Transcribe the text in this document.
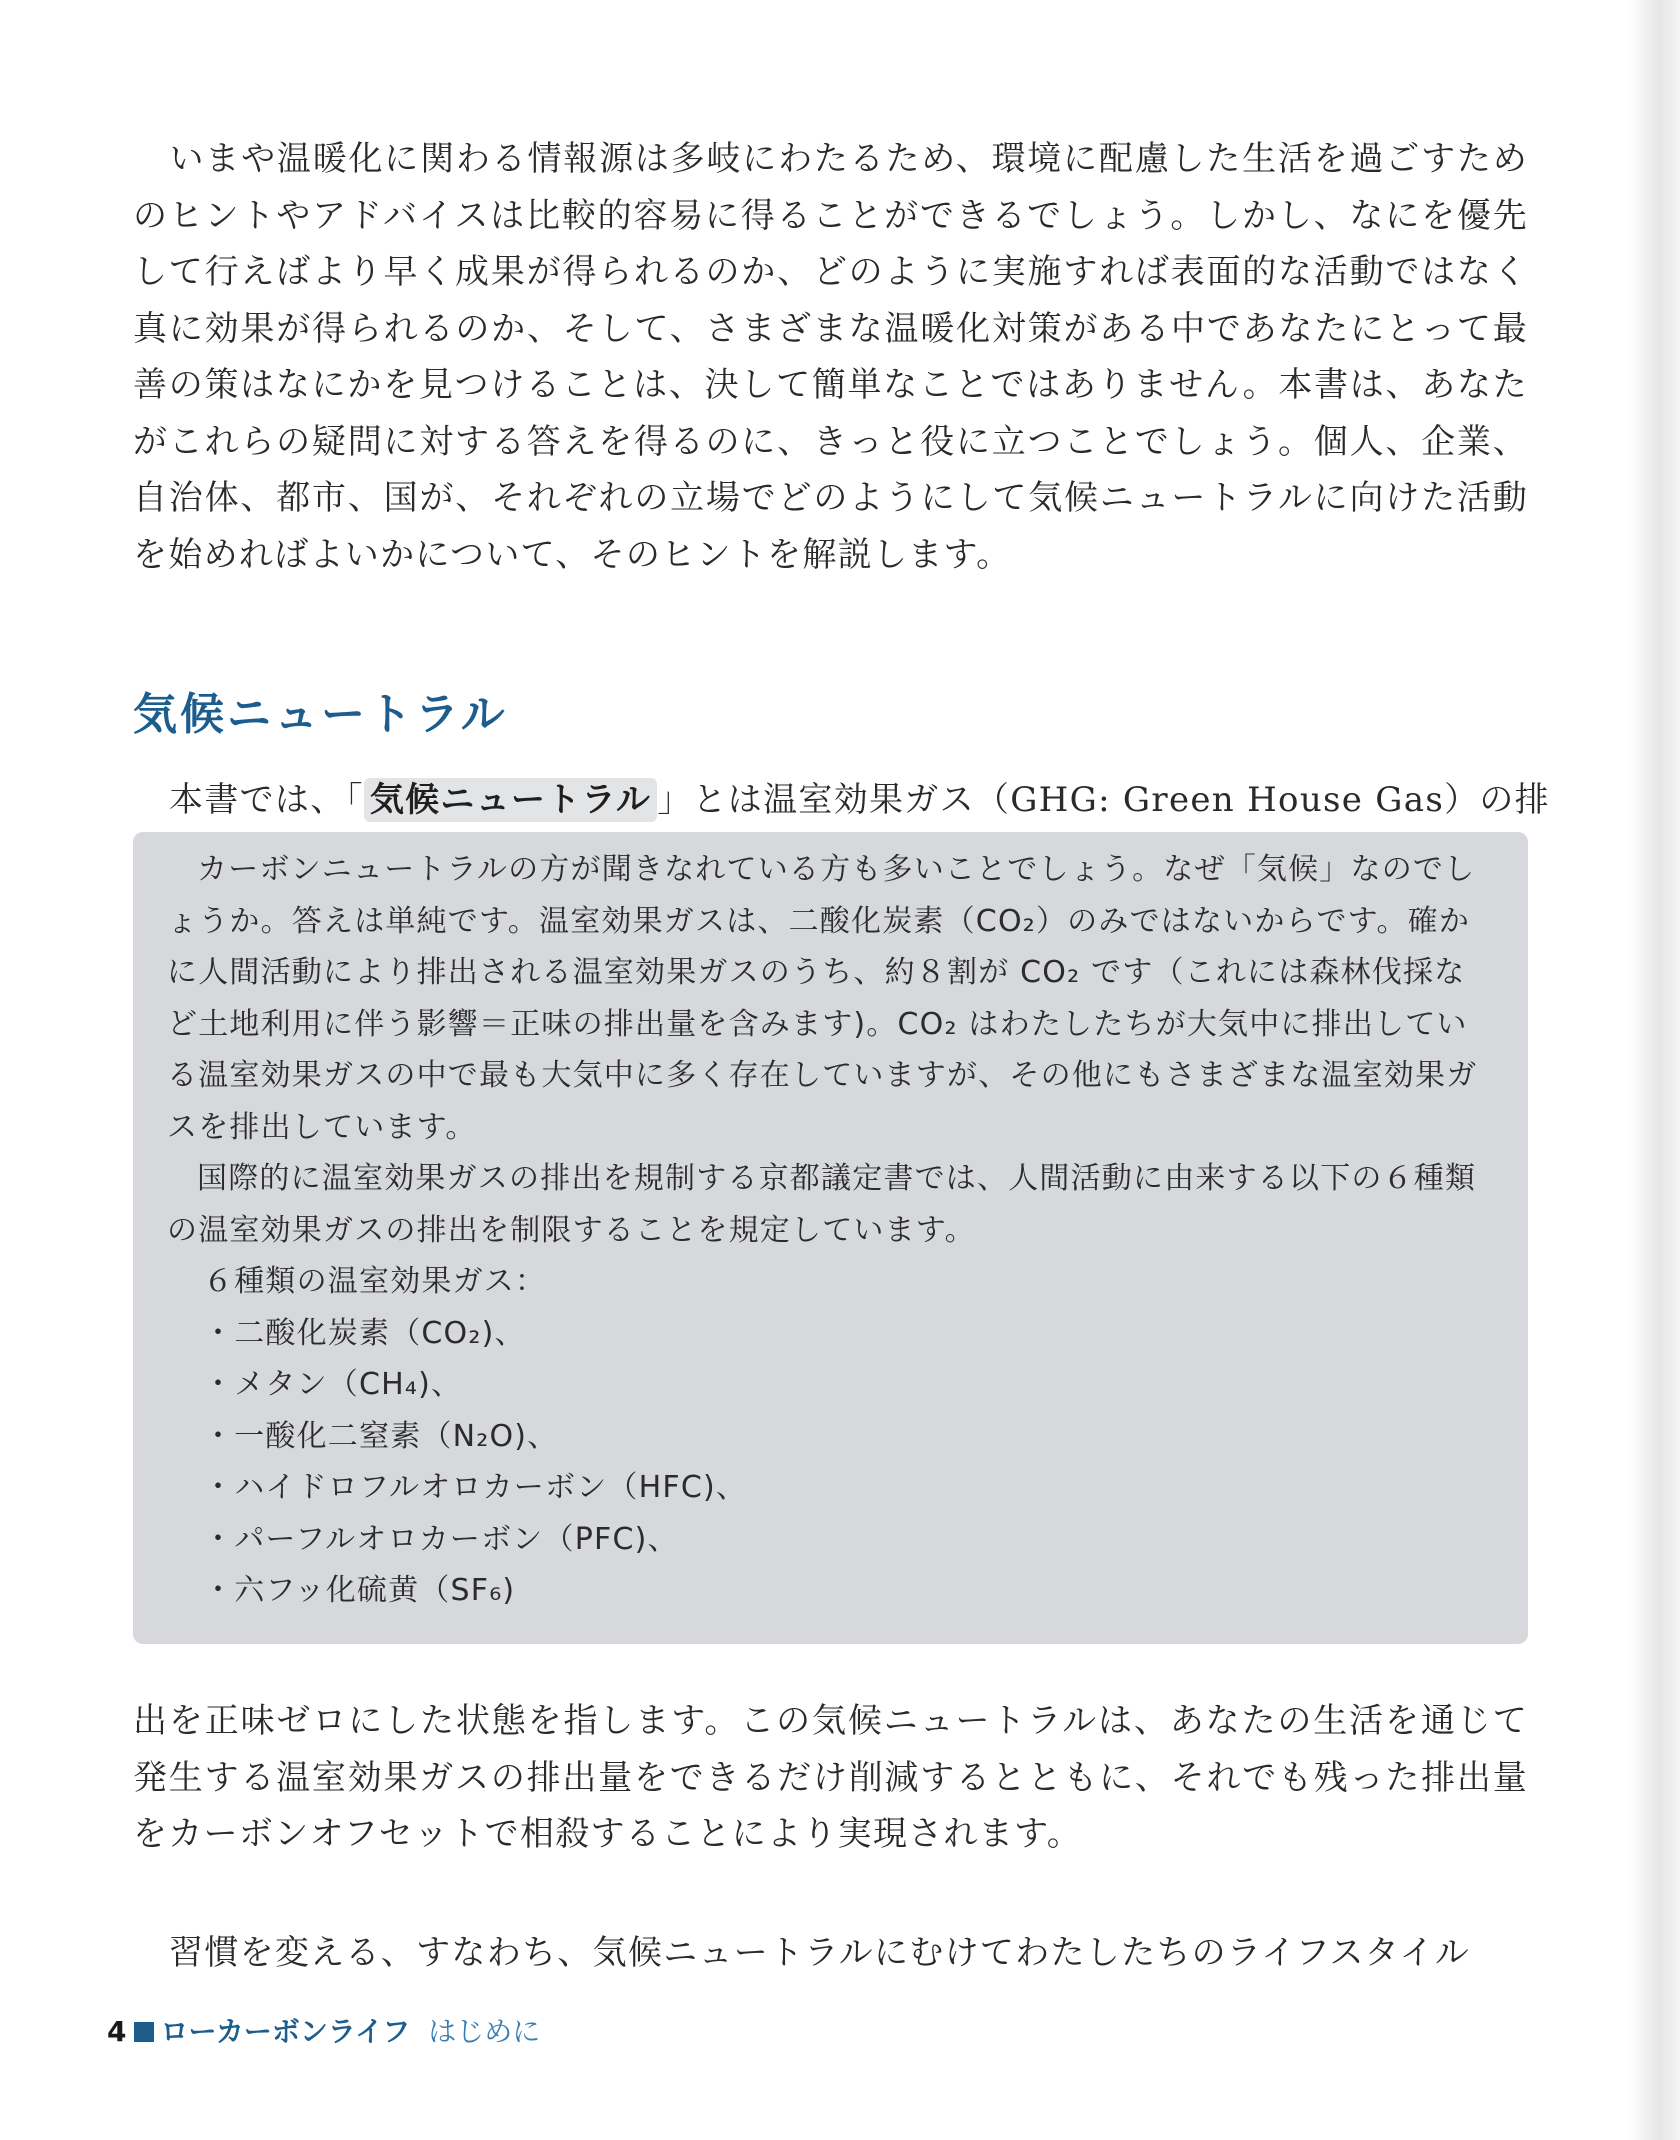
いまや温暖化に関わる情報源は多岐にわたるため、環境に配慮した生活を過ごすためのヒントやアドバイスは比較的容易に得ることができるでしょう。しかし、なにを優先して行えばより早く成果が得られるのか、どのように実施すれば表面的な活動ではなく真に効果が得られるのか、そして、さまざまな温暖化対策がある中であなたにとって最善の策はなにかを見つけることは、決して簡単なことではありません。本書は、あなたがこれらの疑問に対する答えを得るのに、きっと役に立つことでしょう。個人、企業、自治体、都市、国が、それぞれの立場でどのようにして気候ニュートラルに向けた活動を始めればよいかについて、そのヒントを解説します。

気候ニュートラル

本書では、「 気候ニュートラル 」とは温室効果ガス（GHG: Green House Gas）の排

カーボンニュートラルの方が聞きなれている方も多いことでしょう。なぜ「気候」なのでしょうか。答えは単純です。温室効果ガスは、二酸化炭素（CO₂）のみではないからです。確かに人間活動により排出される温室効果ガスのうち、約８割が CO₂ です（これには森林伐採など土地利用に伴う影響＝正味の排出量を含みます)。CO₂ はわたしたちが大気中に排出している温室効果ガスの中で最も大気中に多く存在していますが、その他にもさまざまな温室効果ガスを排出しています。

国際的に温室効果ガスの排出を規制する京都議定書では、人間活動に由来する以下の６種類の温室効果ガスの排出を制限することを規定しています。

６種類の温室効果ガス：
・二酸化炭素（CO₂)、
・メタン（CH₄)、
・一酸化二窒素（N₂O)、
・ハイドロフルオロカーボン（HFC)、
・パーフルオロカーボン（PFC)、
・六フッ化硫黄（SF₆)

出を正味ゼロにした状態を指します。この気候ニュートラルは、あなたの生活を通じて発生する温室効果ガスの排出量をできるだけ削減するとともに、それでも残った排出量をカーボンオフセットで相殺することにより実現されます。

習慣を変える、すなわち、気候ニュートラルにむけてわたしたちのライフスタイル

4 ローカーボンライフ はじめに
